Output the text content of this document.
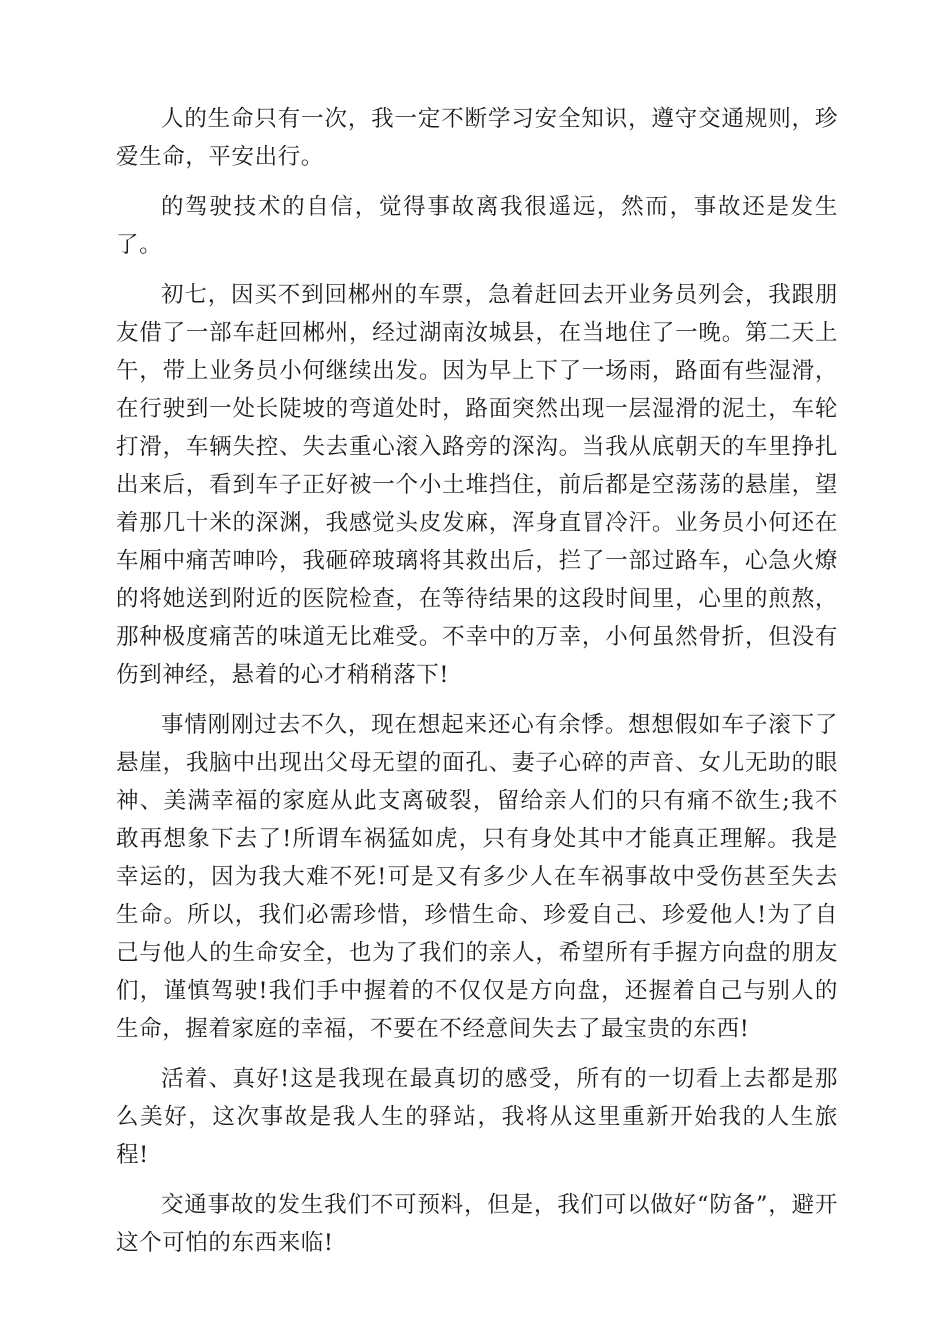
人的生命只有一次，我一定不断学习安全知识，遵守交通规则，珍爱生命，平安出行。

的驾驶技术的自信，觉得事故离我很遥远，然而，事故还是发生了。

初七，因买不到回郴州的车票，急着赶回去开业务员列会，我跟朋友借了一部车赶回郴州，经过湖南汝城县，在当地住了一晚。第二天上午，带上业务员小何继续出发。因为早上下了一场雨，路面有些湿滑，在行驶到一处长陡坡的弯道处时，路面突然出现一层湿滑的泥土，车轮打滑，车辆失控、失去重心滚入路旁的深沟。当我从底朝天的车里挣扎出来后，看到车子正好被一个小土堆挡住，前后都是空荡荡的悬崖，望着那几十米的深渊，我感觉头皮发麻，浑身直冒冷汗。业务员小何还在车厢中痛苦呻吟，我砸碎玻璃将其救出后，拦了一部过路车，心急火燎的将她送到附近的医院检查，在等待结果的这段时间里，心里的煎熬，那种极度痛苦的味道无比难受。不幸中的万幸，小何虽然骨折，但没有伤到神经，悬着的心才稍稍落下!

事情刚刚过去不久，现在想起来还心有余悸。想想假如车子滚下了悬崖，我脑中出现出父母无望的面孔、妻子心碎的声音、女儿无助的眼神、美满幸福的家庭从此支离破裂，留给亲人们的只有痛不欲生;我不敢再想象下去了!所谓车祸猛如虎，只有身处其中才能真正理解。我是幸运的，因为我大难不死!可是又有多少人在车祸事故中受伤甚至失去生命。所以，我们必需珍惜，珍惜生命、珍爱自己、珍爱他人!为了自己与他人的生命安全，也为了我们的亲人，希望所有手握方向盘的朋友们，谨慎驾驶!我们手中握着的不仅仅是方向盘，还握着自己与别人的生命，握着家庭的幸福，不要在不经意间失去了最宝贵的东西!

活着、真好!这是我现在最真切的感受，所有的一切看上去都是那么美好，这次事故是我人生的驿站，我将从这里重新开始我的人生旅程!

交通事故的发生我们不可预料，但是，我们可以做好“防备”，避开这个可怕的东西来临!
